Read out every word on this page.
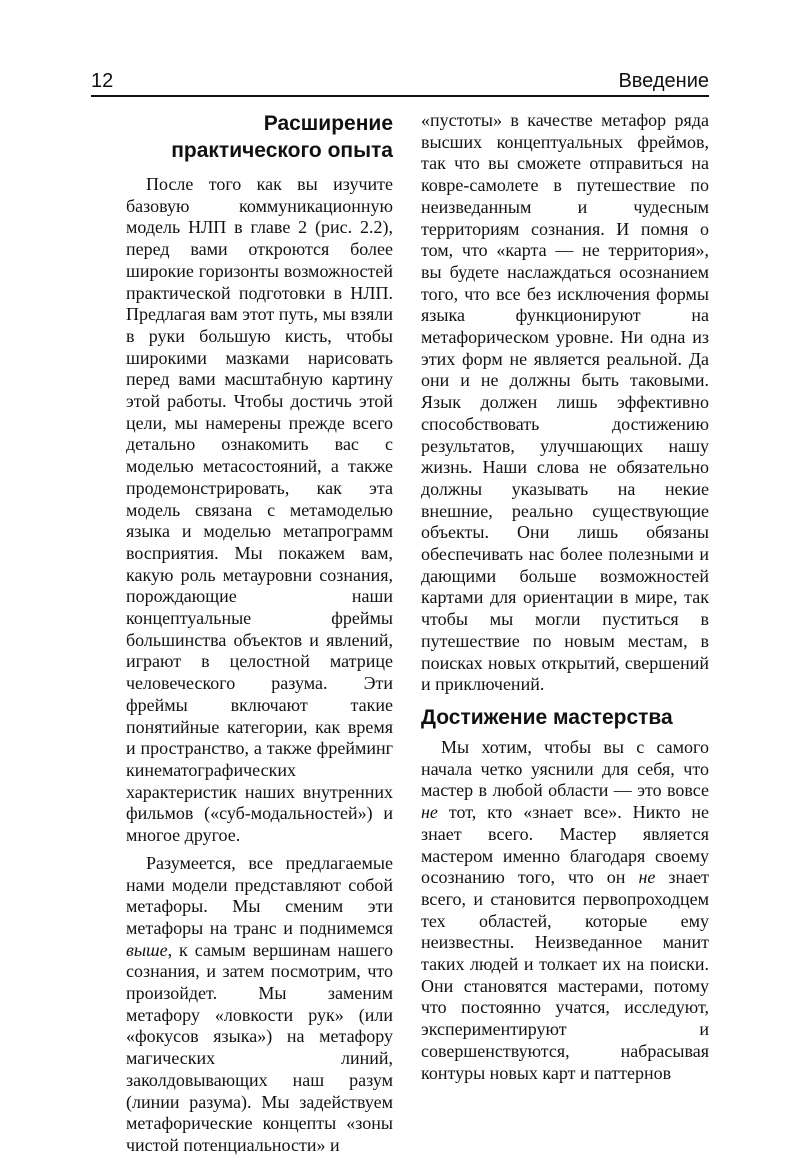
12	Введение
Расширение
практического опыта

После того как вы изучите базовую коммуникационную модель НЛП в главе 2 (рис. 2.2), перед вами откроются более широкие горизонты возможностей практической подготовки в НЛП. Предлагая вам этот путь, мы взяли в руки большую кисть, чтобы широкими мазками нарисовать перед вами масштабную картину этой работы. Чтобы достичь этой цели, мы намерены прежде всего детально ознакомить вас с моделью метасостояний, а также продемонстрировать, как эта модель связана с метамоделью языка и моделью метапрограмм восприятия. Мы покажем вам, какую роль метауровни сознания, порождающие наши концептуальные фреймы большинства объектов и явлений, играют в целостной матрице человеческого разума. Эти фреймы включают такие понятийные категории, как время и пространство, а также фрейминг кинематографических характеристик наших внутренних фильмов («суб-модальностей») и многое другое.

Разумеется, все предлагаемые нами модели представляют собой метафоры. Мы сменим эти метафоры на транс и поднимемся выше, к самым вершинам нашего сознания, и затем посмотрим, что произойдет. Мы заменим метафору «ловкости рук» (или «фокусов языка») на метафору магических линий, заколдовывающих наш разум (линии разума). Мы задействуем метафорические концепты «зоны чистой потенциальности» и

«пустоты» в качестве метафор ряда высших концептуальных фреймов, так что вы сможете отправиться на ковре-самолете в путешествие по неизведанным и чудесным территориям сознания. И помня о том, что «карта — не территория», вы будете наслаждаться осознанием того, что все без исключения формы языка функционируют на метафорическом уровне. Ни одна из этих форм не является реальной. Да они и не должны быть таковыми. Язык должен лишь эффективно способствовать достижению результатов, улучшающих нашу жизнь. Наши слова не обязательно должны указывать на некие внешние, реально существующие объекты. Они лишь обязаны обеспечивать нас более полезными и дающими больше возможностей картами для ориентации в мире, так чтобы мы могли пуститься в путешествие по новым местам, в поисках новых открытий, свершений и приключений.

Достижение мастерства

Мы хотим, чтобы вы с самого начала четко уяснили для себя, что мастер в любой области — это вовсе не тот, кто «знает все». Никто не знает всего. Мастер является мастером именно благодаря своему осознанию того, что он не знает всего, и становится первопроходцем тех областей, которые ему неизвестны. Неизведанное манит таких людей и толкает их на поиски. Они становятся мастерами, потому что постоянно учатся, исследуют, экспериментируют и совершенствуются, набрасывая контуры новых карт и паттернов
